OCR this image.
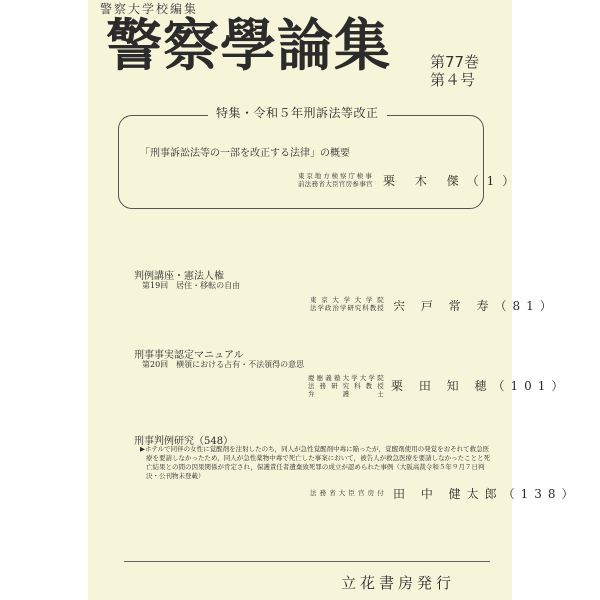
警察大学校編集
警察學論集	第77巻
第４号
特集・令和５年刑訴法等改正
「刑事訴訟法等の一部を改正する法律」の概要
東京地方検察庁検事
前法務省大臣官房参事官 栗 木 傑（1）
判例講座・憲法人権
第19回　居住・移転の自由
東京大学大学院
法学政治学研究科教授 宍 戸 常 寿（81）
刑事事実認定マニュアル
第20回　横領における占有・不法領得の意思
慶應義塾大学大学院
法務研究科教授
弁護士
栗 田 知 穂（101）
刑事判例研究（548）
▶ホテルで同伴の女性に覚醒剤を注射したのち，同人が急性覚醒剤中毒に陥ったが，覚醒剤使用の発覚をおそれて救急医
療を要請しなかったため，同人が急性薬物中毒で死亡した事案において，被告人が救急医療を要請しなかったことと死
亡結果との間の因果関係が肯定され，保護責任者遺棄致死罪の成立が認められた事例（大阪高裁令和５年９月７日判
決・公刊物未登載）
法務省大臣官房付 田 中 健太郎（138）
立花書房発行
